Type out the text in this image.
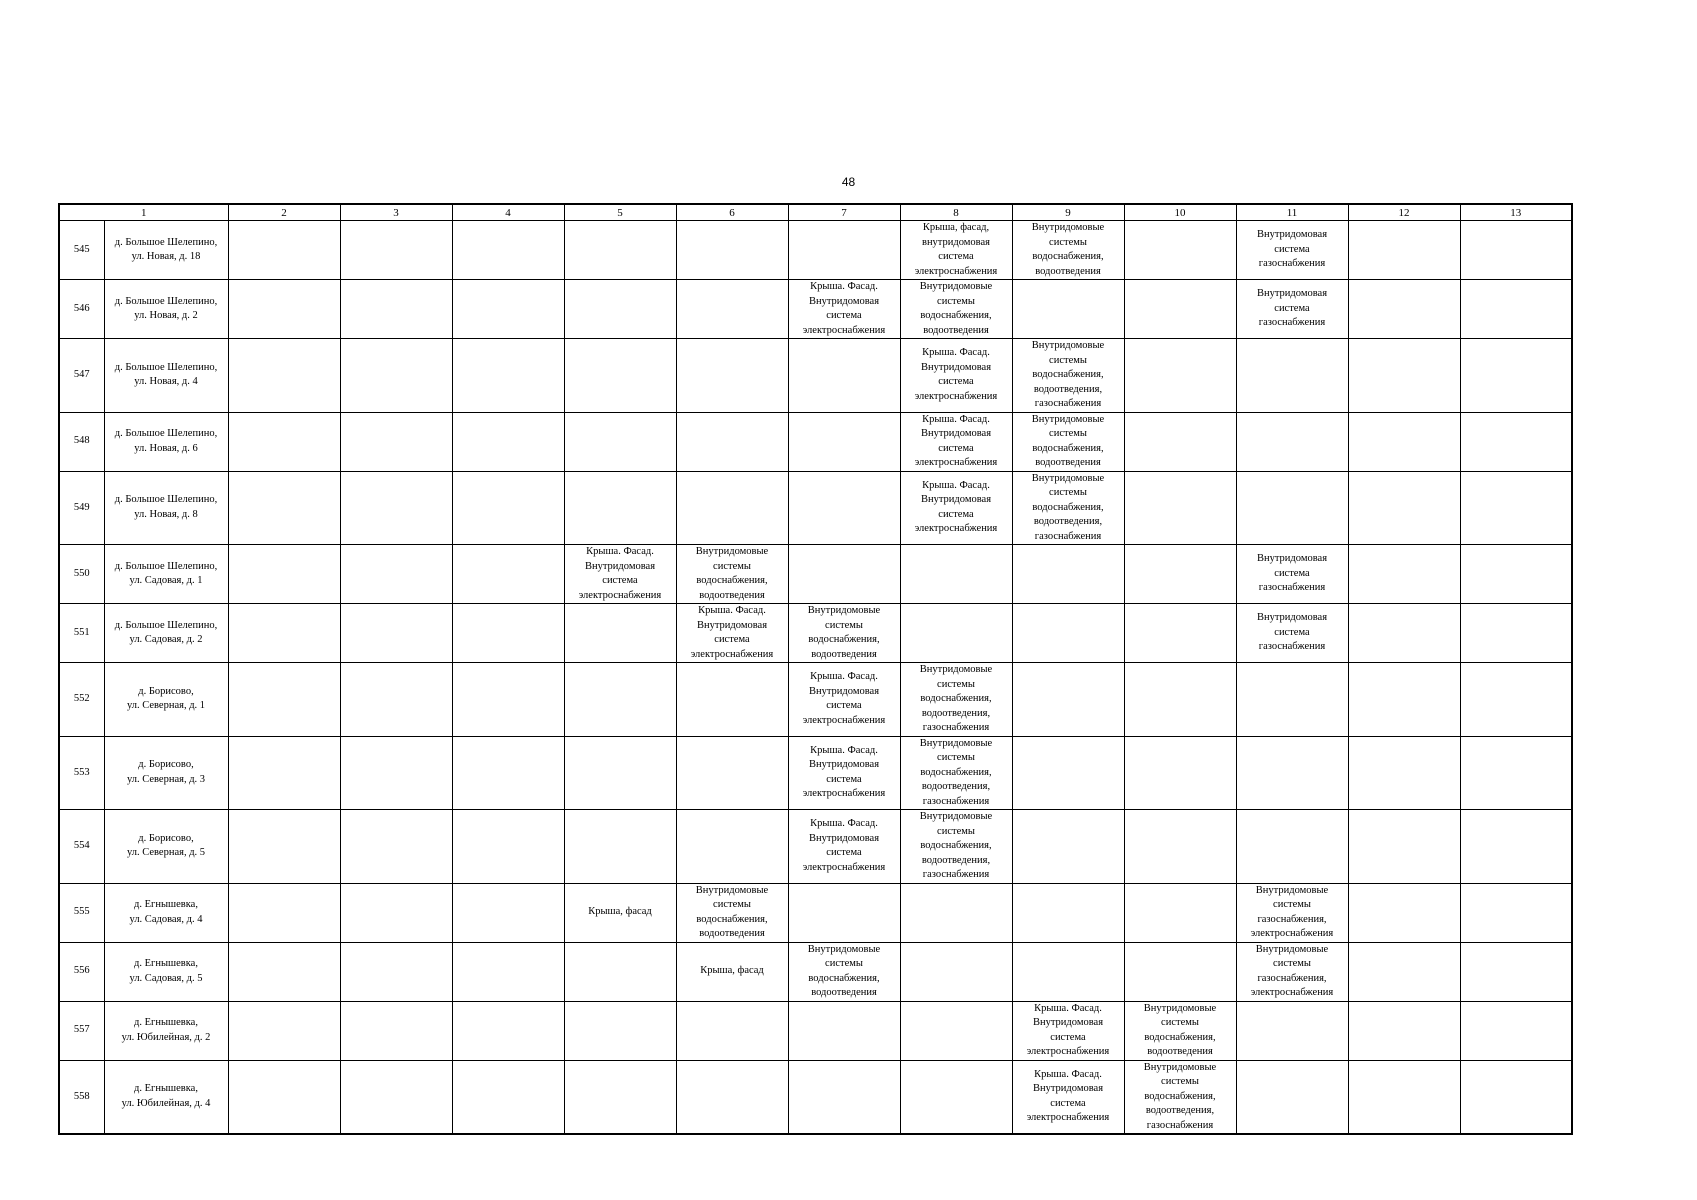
48
1		2	3	4	5	6	7	8	9	10	11	12	13
545	д. Большое Шелепино,
ул. Новая, д. 18							Крыша, фасад,
внутридомовая
система
электроснабжения	Внутридомовые
системы
водоснабжения,
водоотведения		Внутридомовая
система
газоснабжения		
546	д. Большое Шелепино,
ул. Новая, д. 2						Крыша. Фасад.
Внутридомовая
система
электроснабжения	Внутридомовые
системы
водоснабжения,
водоотведения			Внутридомовая
система
газоснабжения		
547	д. Большое Шелепино,
ул. Новая, д. 4							Крыша. Фасад.
Внутридомовая
система
электроснабжения	Внутридомовые
системы
водоснабжения,
водоотведения,
газоснабжения				
548	д. Большое Шелепино,
ул. Новая, д. 6							Крыша. Фасад.
Внутридомовая
система
электроснабжения	Внутридомовые
системы
водоснабжения,
водоотведения				
549	д. Большое Шелепино,
ул. Новая, д. 8							Крыша. Фасад.
Внутридомовая
система
электроснабжения	Внутридомовые
системы
водоснабжения,
водоотведения,
газоснабжения				
550	д. Большое Шелепино,
ул. Садовая, д. 1				Крыша. Фасад.
Внутридомовая
система
электроснабжения	Внутридомовые
системы
водоснабжения,
водоотведения					Внутридомовая
система
газоснабжения		
551	д. Большое Шелепино,
ул. Садовая, д. 2					Крыша. Фасад.
Внутридомовая
система
электроснабжения	Внутридомовые
системы
водоснабжения,
водоотведения				Внутридомовая
система
газоснабжения		
552	д. Борисово,
ул. Северная, д. 1						Крыша. Фасад.
Внутридомовая
система
электроснабжения	Внутридомовые
системы
водоснабжения,
водоотведения,
газоснабжения					
553	д. Борисово,
ул. Северная, д. 3						Крыша. Фасад.
Внутридомовая
система
электроснабжения	Внутридомовые
системы
водоснабжения,
водоотведения,
газоснабжения					
554	д. Борисово,
ул. Северная, д. 5						Крыша. Фасад.
Внутридомовая
система
электроснабжения	Внутридомовые
системы
водоснабжения,
водоотведения,
газоснабжения					
555	д. Егнышевка,
ул. Садовая, д. 4				Крыша, фасад	Внутридомовые
системы
водоснабжения,
водоотведения					Внутридомовые
системы
газоснабжения,
электроснабжения		
556	д. Егнышевка,
ул. Садовая, д. 5					Крыша, фасад	Внутридомовые
системы
водоснабжения,
водоотведения				Внутридомовые
системы
газоснабжения,
электроснабжения		
557	д. Егнышевка,
ул. Юбилейная, д. 2								Крыша. Фасад.
Внутридомовая
система
электроснабжения	Внутридомовые
системы
водоснабжения,
водоотведения			
558	д. Егнышевка,
ул. Юбилейная, д. 4								Крыша. Фасад.
Внутридомовая
система
электроснабжения	Внутридомовые
системы
водоснабжения,
водоотведения,
газоснабжения			
